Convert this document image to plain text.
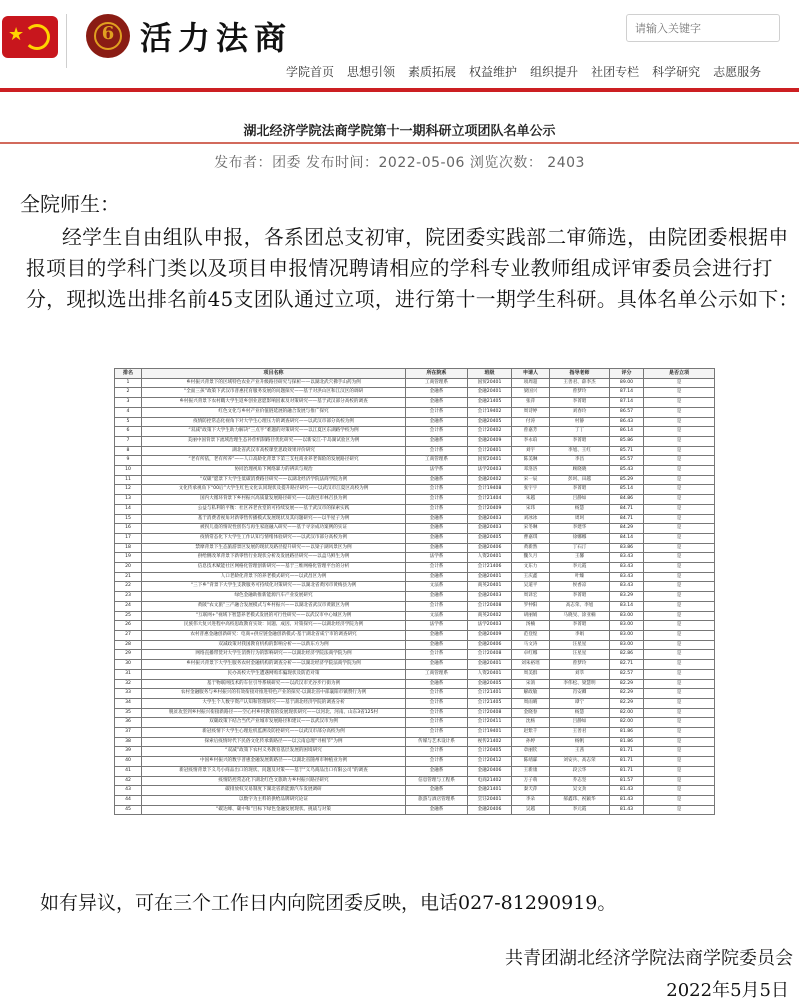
★	6 活力法商
请输入关键字
学院首页 思想引领 素质拓展 权益维护 组织提升 社团专栏 科学研究 志愿服务
湖北经济学院法商学院第十一期科研立项团队名单公示
发布者：团委 发布时间：2022-05-06 浏览次数： 2403
全院师生：
经学生自由组队申报，各系团总支初审，院团委实践部二审筛选，由院团委根据申报项目的学科门类以及项目申报情况聘请相应的学科专业教师组成评审委员会进行打分，现拟选出排名前45支团队通过立项，进行第十一期学生科研。具体名单公示如下：
排名	项目名称	所在院系	班级	申请人	指导老师	评分	是否立项
1	乡村振兴背景下的区域特色农业产业升级路径研究与探析——以湖北武穴佛手山药为例	工商管理系	国贸20401	项周超	王善君、薛李杰	89.00	是
2	“全面三孩”政策下武汉市普惠托育服务发展的问题探究——基于对洪山区和江汉区的调研	金融系	金融20401	梁国兴	曾梦玲	87.14	是
3	乡村振兴背景下农村職大学生返乡创业意愿影响因素及对策研究——基于武汉部分高校的调查	金融系	金融21405	张萍	李菁昭	87.14	是
4	红色文化与乡村产业价值链延展的融合发展与推广探究	会计系	会计19402	周诗婷	刘春玲	86.57	是
5	疫情防控常态化视角下对大学生心理压力的调查研究——以武汉市部分高校为例	金融系	金融20405	付涛	村静	86.43	是
6	“双减”政策下大学生助力解决“三点半”难题的对策研究——以江夏区东湖路学校为例	会计系	会计20402	曾嘉芳	丁丁	86.14	是
7	美丽中国背景下流域治理生态补偿机制路径优化研究——以新安江-千岛湖试验区为例	金融系	金融20409	李永珀	李菁昭	85.86	是
8	湖北省武汉市高校课堂思政效果评价研究	会计系	会计20401	刘宇	李旭、王红	85.71	是
9	“老有所依，老有所养”——人口高龄化背景下第三支柱商业养老保险的发展路径研究	工商管理系	国贸20401	陈美琳	李昌	85.57	是
10	协同治理视角下网络暴力的辨识与规治	法学系	法学20403	邓洛洛	顾晓晓	85.43	是
11	“双碳”愿景下大学生低碳消费路径研究——以湖北经济学院法商学院为例	金融系	金融20402	宋一辰	彭珂、田越	85.29	是
12	文化传承视角下“00后”大学生红色文化认同现状及提升路径研究——以武汉市江夏区高校为例	会计系	会计19408	张宇宇	李菁昭	85.14	是
13	国内大循环背景下乡村振兴高质量发展路径研究——以鹿邑市林召县为例	会计系	会计21404	朱越	吕静如	84.86	是
14	公益与私利的平衡：社区养老食堂的可持续发展——基于武汉市的探索实践	会计系	会计20409	宋玮	杨慧	84.71	是
15	基于消费者视角对新零售传播模式发展现状及其问题研究——以半屋子为例	金融系	金融20403	刘冰冰	周珂	84.71	是
16	被拐儿童的情况性创伤与再生家庭融入研究——基于寻亲成功案例的实证	金融系	金融20403	宋冬琳	李建华	84.29	是
17	疫情常态化下大学生工作认知与情绪体验研究——以武汉市部分高校为例	金融系	金融20405	曹嘉琪	徐娜娜	84.14	是
18	禁摩背景下生态旅游景区发展的现状及路径提升研究——以梁子湖风景区为例	金融系	金融20406	黄新然	丁石汀	83.86	是
19	供给侧改革背景下新零售行业现状分析及发展路径研究——以盒马鲜生为例	法学系	人资20401	魏久月	王馨	83.43	是
20	信息技术赋能社区网格化管理创新研究——基于三维网格化管理平台的分析	会计系	会计21406	文东力	李元霞	83.43	是
21	人口老龄化背景下的养老模式研究——以武昌区为例	金融系	金融20401	王庆鑫	叶臻	83.43	是
22	“三下乡”背景下大学生支教服务可持续化对策研究——以湖北省黄冈市黄梅县为例	文法系	商英20401	吴道平	侯香凉	83.43	是
23	绿色金融助推新能源汽车产业发展研究	金融系	金融20403	周译宏	李菁昭	83.29	是
24	黄陂“农文旅”三产融合发展模式与乡村振兴——以湖北省武汉市黄陂区为例	会计系	会计20408	罗仲阳	高志荣、李旭	83.14	是
25	“互联网+”视域下智慧养老模式发展的可行性研究——以武汉市中心城区为例	文法系	商英20402	胡丽娟	马晓旻、涂亚楠	83.00	是
26	民族伟大复兴进程中高校思政教育实效：问题、成因、对策探究——以湖北经济学院为例	法学系	法学20403	汤楠	李菁昭	83.00	是
27	农村普惠金融创新研究：电商+供应链金融创新模式-基于湖北省咸宁市的调查研究	金融系	金融20409	范登煌	李娟	83.00	是
28	双减政策对我国教育机构的影响分析——以新东方为例	金融系	金融20406	马文涛	汪星星	83.00	是
29	网络直播带货对大学生消费行为的影响研究——以湖北经济学院法商学院为例	会计系	会计20408	卓红娜	汪星星	82.86	是
30	乡村振兴背景下大学生服务农村金融机构的调查分析——以湖北经济学院法商学院为例	金融系	金融20401	刘朱裕瑶	曾梦玲	82.71	是
31	民办高校大学生遭遇网购诈骗现状及防范对策	工商管理系	人资20401	周美群	刘萃	82.57	是
32	基于物联网技术的车位引导系统研究——以武汉市光谷步行街为例	金融系	金融20405	宋鸽	李伟松、梁慧明	82.29	是
33	农村金融服务与乡村振兴的有效衔接对推进特色产业的探究-以湖北省中部襄阳市镇赞行为例	会计系	会计21401	解政敏	肖安卿	82.29	是
34	大学生个人数字资产认知和管理研究——基于湖北经济学院的调查分析	会计系	会计21405	周雨晴	谭宁	82.29	是
35	脱贫攻坚到乡村振兴衔接新路径——空心村乡村教育的发展现状研究——以河北、河南、山东3省125村	会计系	会计20408	金晓春	杨慧	82.00	是
36	双碳政策下结合当代产业城市发展路径和建议——以武汉市为例	会计系	会计20411	沈杨	吕静如	82.00	是
37	新冠疫情下大学生心理危机监测及防控研究——以武汉市部分高校为例	会计系	会计19401	赵紫千	王善君	81.86	是
38	探索后疫情时代下民俗文化传承新路径——以云南总理“寻根节”为例	传媒与艺术设计系	视传21402	孙婷	杨帆	81.86	是
39	“双减”政策下农村义务教育基层发展的困境研究	会计系	会计20405	章丽钦	王茜	81.71	是
40	中国乡村振兴的数字普惠金融发展新路径——以湖北省随州市种植业为例	会计系	会计20412	陈靖霖	刘安兵、高志荣	81.71	是
41	新冠疫情背景下义乌小商品出口的现状、问题及对策——基于“义乌商品出口有限公司”的调查	金融系	金融20406	王新康	段云华	81.71	是
42	疫情防控常态化下湖北红色文旅助力乡村振兴路径研究	信息管理与工程系	电商21402	万子萌	乔志坚	81.57	是
43	碳排放权交易制度下湖北省新能源汽车发展调研	金融系	金融21401	秦天萍	吴文劲	81.43	是
44	以数字为主料的供给品牌研究论证	旅游与酒店管理系	烹饪20401	李朵	郝鑫玮、祝颖华	81.43	是
45	“碳达峰、碳中和”目标下绿色金融发展现状、挑战与对策	金融系	金融20406	吴越	李元霞	81.43	是
如有异议，可在三个工作日内向院团委反映，电话027-81290919。
共青团湖北经济学院法商学院委员会
2022年5月5日
